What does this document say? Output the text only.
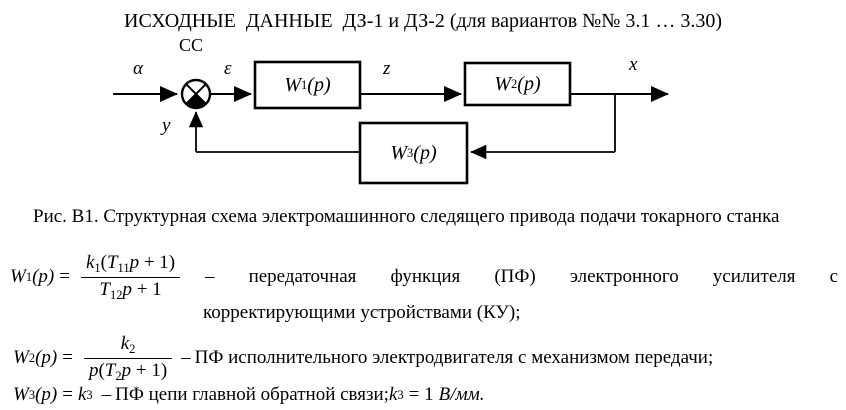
ИСХОДНЫЕ  ДАННЫЕ  ДЗ-1 и ДЗ-2 (для вариантов №№ 3.1 … 3.30)
α
СС
ε	z	x
y
W 1 (p)	W 2 (p)
W 3 (p)
Рис. В1. Структурная схема электромашинного следящего привода подачи токарного станка
W 1 $(p) = \frac{k_1(T_{11}p + 1)}{T_{12}p + 1}$ – передаточная функция (ПФ) электронного усилителя с
корректирующими устройствами (КУ);
W 2 $(p) = \frac{k_2}{p(T_2p + 1)}$ – ПФ исполнительного электродвигателя с механизмом передачи;
W 3 (p) = k 3 – ПФ цепи главной обратной связи; k 3 = 1 В/мм.
